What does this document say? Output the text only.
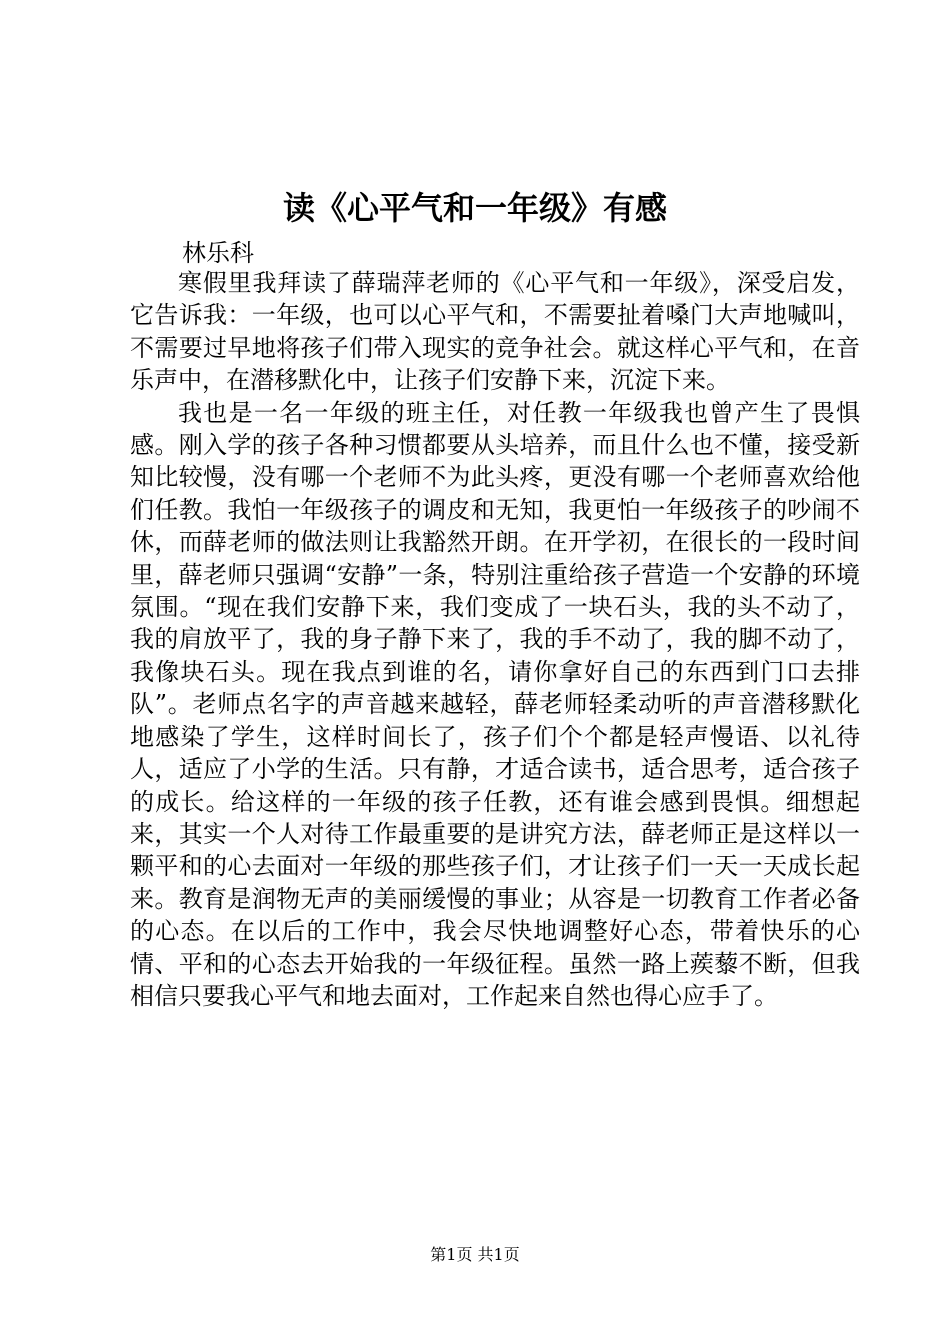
读《心平气和一年级》有感
林乐科

寒假里我拜读了薛瑞萍老师的《心平气和一年级》，深受启发，它告诉我：一年级，也可以心平气和，不需要扯着嗓门大声地喊叫，不需要过早地将孩子们带入现实的竞争社会。就这样心平气和，在音乐声中，在潜移默化中，让孩子们安静下来，沉淀下来。

我也是一名一年级的班主任，对任教一年级我也曾产生了畏惧感。刚入学的孩子各种习惯都要从头培养，而且什么也不懂，接受新知比较慢，没有哪一个老师不为此头疼，更没有哪一个老师喜欢给他们任教。我怕一年级孩子的调皮和无知，我更怕一年级孩子的吵闹不休，而薛老师的做法则让我豁然开朗。在开学初，在很长的一段时间里，薛老师只强调“安静”一条，特别注重给孩子营造一个安静的环境氛围。“现在我们安静下来，我们变成了一块石头，我的头不动了，我的肩放平了，我的身子静下来了，我的手不动了，我的脚不动了，我像块石头。现在我点到谁的名，请你拿好自己的东西到门口去排队”。老师点名字的声音越来越轻，薛老师轻柔动听的声音潜移默化地感染了学生，这样时间长了，孩子们个个都是轻声慢语、以礼待人，适应了小学的生活。只有静，才适合读书，适合思考，适合孩子的成长。给这样的一年级的孩子任教，还有谁会感到畏惧。细想起来，其实一个人对待工作最重要的是讲究方法，薛老师正是这样以一颗平和的心去面对一年级的那些孩子们，才让孩子们一天一天成长起来。教育是润物无声的美丽缓慢的事业；从容是一切教育工作者必备的心态。在以后的工作中，我会尽快地调整好心态，带着快乐的心情、平和的心态去开始我的一年级征程。虽然一路上蒺藜不断，但我相信只要我心平气和地去面对，工作起来自然也得心应手了。

第1页 共1页
